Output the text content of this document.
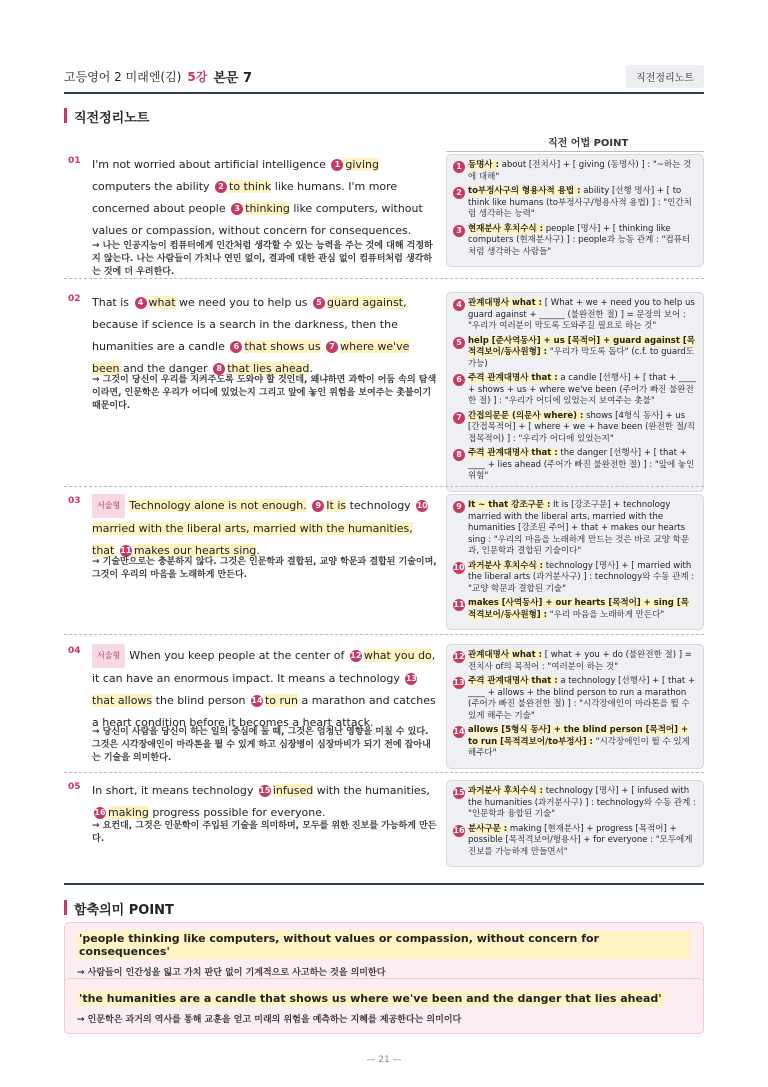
고등영어 2 미래엔(김) 5강 본문 7	직전정리노트
직전정리노트
직전 어법 POINT
01 I'm not worried about artificial intelligence 1 giving computers the ability 2 to think like humans. I'm more concerned about people 3 thinking like computers, without values or compassion, without concern for consequences.
→ 나는 인공지능이 컴퓨터에게 인간처럼 생각할 수 있는 능력을 주는 것에 대해 걱정하지 않는다. 나는 사람들이 가치나 연민 없이, 결과에 대한 관심 없이 컴퓨터처럼 생각하는 것에 더 우려한다.
1 동명사 : about [전치사] + [ giving (동명사) ] : "~하는 것에 대해"
2 to부정사구의 형용사적 용법 : ability [선행 명사] + [ to think like humans (to부정사구/형용사적 용법) ] : "인간처럼 생각하는 능력"
3 현재분사 후치수식 : people [명사] + [ thinking like computers (현재분사구) ] : people과 능동 관계 : "컴퓨터처럼 생각하는 사람들"
02 That is 4 what we need you to help us 5 guard against, because if science is a search in the darkness, then the humanities are a candle 6 that shows us 7 where we've been and the danger 8 that lies ahead.
→ 그것이 당신이 우리를 지켜주도록 도와야 할 것인데, 왜냐하면 과학이 어둠 속의 탐색이라면, 인문학은 우리가 어디에 있었는지 그리고 앞에 놓인 위험을 보여주는 촛불이기 때문이다.
4 관계대명사 what : [ What + we + need you to help us guard against + ______ (불완전한 절) ] = 문장의 보어 : "우리가 여러분이 막도록 도와주길 필요로 하는 것"
5 help [준사역동사] + us [목적어] + guard against [목적격보어/동사원형] : "우리가 막도록 돕다" (c.f. to guard도 가능)
6 주격 관계대명사 that : a candle [선행사] + [ that + ____ + shows + us + where we've been (주어가 빠진 불완전한 절) ] : "우리가 어디에 있었는지 보여주는 촛불"
7 간접의문문 (의문사 where) : shows [4형식 동사] + us [간접목적어] + [ where + we + have been (완전한 절/직접목적어) ] : "우리가 어디에 있었는지"
8 주격 관계대명사 that : the danger [선행사] + [ that + ____ + lies ahead (주어가 빠진 불완전한 절) ] : "앞에 놓인 위험"
03	서술형 Technology alone is not enough. 9 It is technology 10married with the liberal arts, married with the humanities, that 11 makes our hearts sing.
→ 기술만으로는 충분하지 않다. 그것은 인문학과 결합된, 교양 학문과 결합된 기술이며, 그것이 우리의 마음을 노래하게 만든다.
9 It ~ that 강조구문 : It is [강조구문] + technology married with the liberal arts, married with the humanities [강조된 주어] + that + makes our hearts sing : "우리의 마음을 노래하게 만드는 것은 바로 교양 학문과, 인문학과 결합된 기술이다"
10 과거분사 후치수식 : technology [명사] + [ married with the liberal arts (과거분사구) ] : technology와 수동 관계 : "교양 학문과 결합된 기술"
11 makes [사역동사] + our hearts [목적어] + sing [목적격보어/동사원형] : "우리 마음을 노래하게 만든다"
04	서술형 When you keep people at the center of 12 what you do, it can have an enormous impact. It means a technology 13that allows the blind person 14 to run a marathon and catches a heart condition before it becomes a heart attack.
→ 당신이 사람을 당신이 하는 일의 중심에 둘 때, 그것은 엄청난 영향을 미칠 수 있다. 그것은 시각장애인이 마라톤을 뛸 수 있게 하고 심장병이 심장마비가 되기 전에 잡아내는 기술을 의미한다.
12 관계대명사 what : [ what + you + do (불완전한 절) ] = 전치사 of의 목적어 : "여러분이 하는 것"
13 주격 관계대명사 that : a technology [선행사] + [ that + ____ + allows + the blind person to run a marathon (주어가 빠진 불완전한 절) ] : "시각장애인이 마라톤을 뛸 수 있게 해주는 기술"
14 allows [5형식 동사] + the blind person [목적어] + to run [목적격보어/to부정사] : "시각장애인이 뛸 수 있게 해주다"
05 In short, it means technology 15 infused with the humanities, 16 making progress possible for everyone.
→ 요컨대, 그것은 인문학이 주입된 기술을 의미하며, 모두를 위한 진보를 가능하게 만든다.
15 과거분사 후치수식 : technology [명사] + [ infused with the humanities (과거분사구) ] : technology와 수동 관계 : "인문학과 융합된 기술"
16 분사구문 : making [현재분사] + progress [목적어] + possible [목적격보어/형용사] + for everyone : "모두에게 진보를 가능하게 만들면서"
함축의미 POINT
'people thinking like computers, without values or compassion, without concern for consequences'
→ 사람들이 인간성을 잃고 가치 판단 없이 기계적으로 사고하는 것을 의미한다
'the humanities are a candle that shows us where we've been and the danger that lies ahead'
→ 인문학은 과거의 역사를 통해 교훈을 얻고 미래의 위험을 예측하는 지혜를 제공한다는 의미이다
— 21 —
